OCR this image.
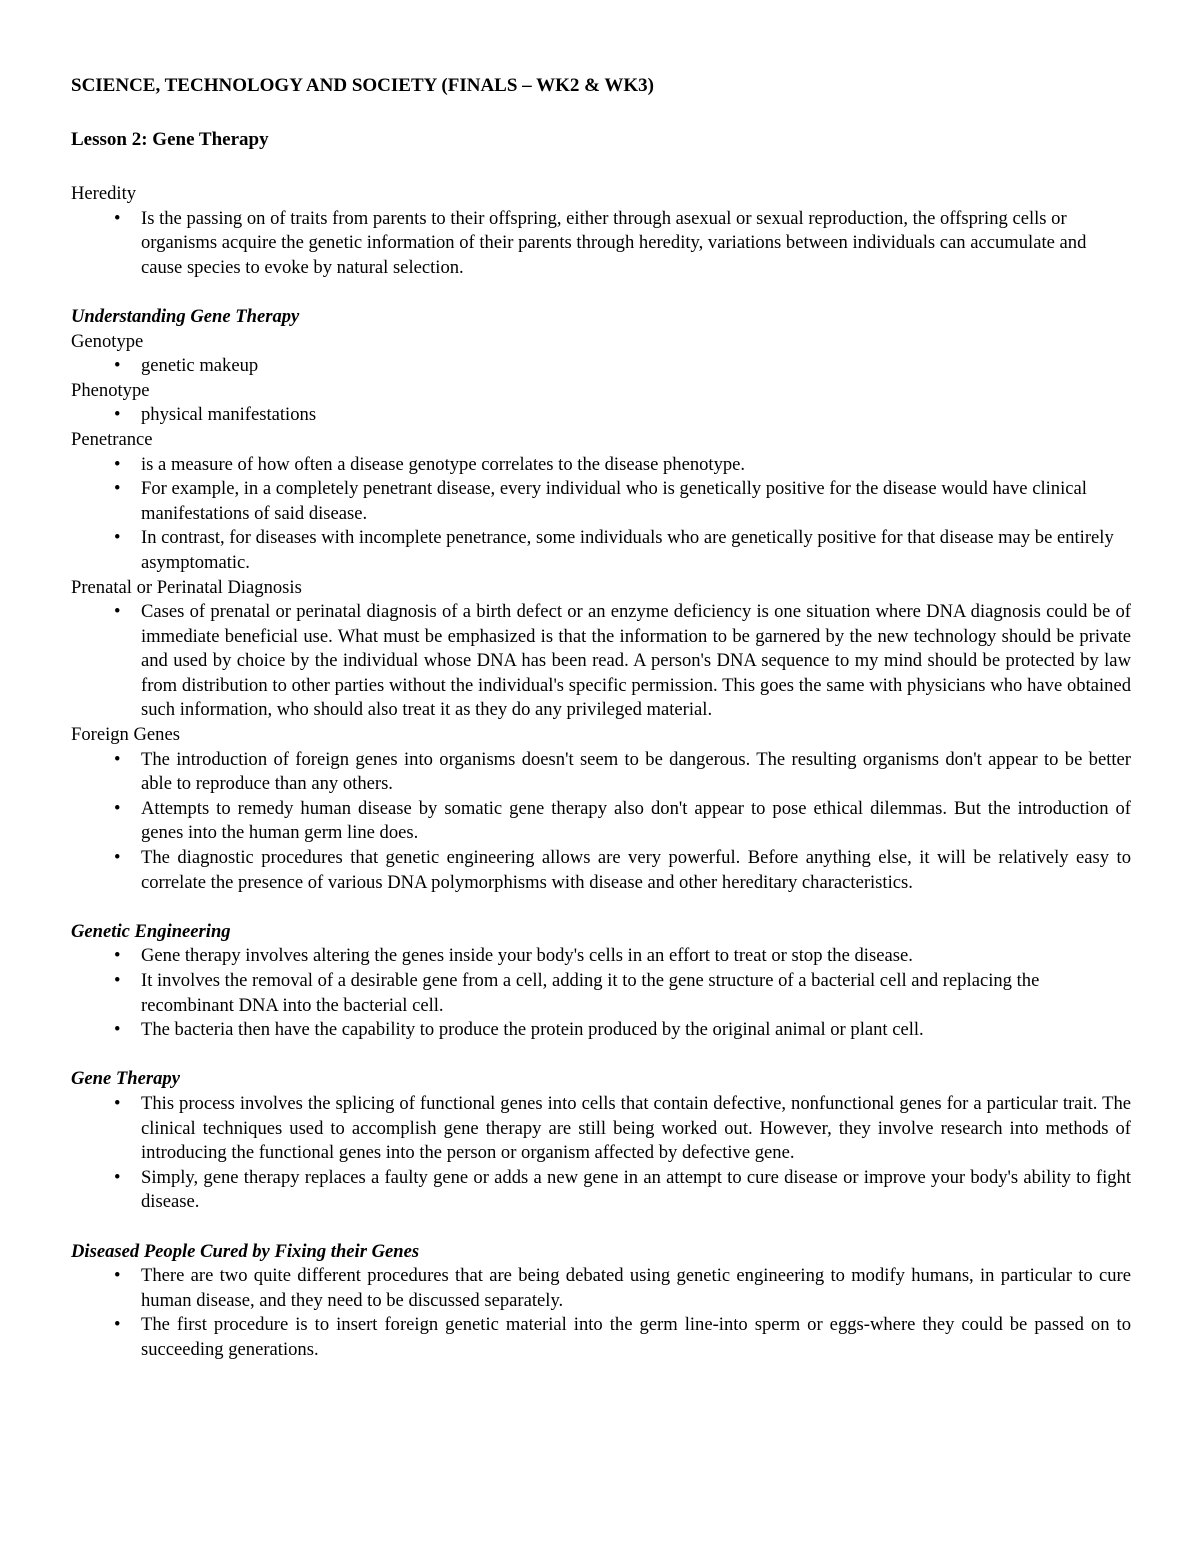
SCIENCE, TECHNOLOGY AND SOCIETY (FINALS – WK2 & WK3)
Lesson 2: Gene Therapy
Heredity
• Is the passing on of traits from parents to their offspring, either through asexual or sexual reproduction, the offspring cells or organisms acquire the genetic information of their parents through heredity, variations between individuals can accumulate and cause species to evoke by natural selection.
Understanding Gene Therapy
Genotype
• genetic makeup
Phenotype
• physical manifestations
Penetrance
• is a measure of how often a disease genotype correlates to the disease phenotype.
• For example, in a completely penetrant disease, every individual who is genetically positive for the disease would have clinical manifestations of said disease.
• In contrast, for diseases with incomplete penetrance, some individuals who are genetically positive for that disease may be entirely asymptomatic.
Prenatal or Perinatal Diagnosis
• Cases of prenatal or perinatal diagnosis of a birth defect or an enzyme deficiency is one situation where DNA diagnosis could be of immediate beneficial use. What must be emphasized is that the information to be garnered by the new technology should be private and used by choice by the individual whose DNA has been read. A person's DNA sequence to my mind should be protected by law from distribution to other parties without the individual's specific permission. This goes the same with physicians who have obtained such information, who should also treat it as they do any privileged material.
Foreign Genes
• The introduction of foreign genes into organisms doesn't seem to be dangerous. The resulting organisms don't appear to be better able to reproduce than any others.
• Attempts to remedy human disease by somatic gene therapy also don't appear to pose ethical dilemmas. But the introduction of genes into the human germ line does.
• The diagnostic procedures that genetic engineering allows are very powerful. Before anything else, it will be relatively easy to correlate the presence of various DNA polymorphisms with disease and other hereditary characteristics.
Genetic Engineering
• Gene therapy involves altering the genes inside your body's cells in an effort to treat or stop the disease.
• It involves the removal of a desirable gene from a cell, adding it to the gene structure of a bacterial cell and replacing the recombinant DNA into the bacterial cell.
• The bacteria then have the capability to produce the protein produced by the original animal or plant cell.
Gene Therapy
• This process involves the splicing of functional genes into cells that contain defective, nonfunctional genes for a particular trait. The clinical techniques used to accomplish gene therapy are still being worked out. However, they involve research into methods of introducing the functional genes into the person or organism affected by defective gene.
• Simply, gene therapy replaces a faulty gene or adds a new gene in an attempt to cure disease or improve your body's ability to fight disease.
Diseased People Cured by Fixing their Genes
• There are two quite different procedures that are being debated using genetic engineering to modify humans, in particular to cure human disease, and they need to be discussed separately.
• The first procedure is to insert foreign genetic material into the germ line-into sperm or eggs-where they could be passed on to succeeding generations.
